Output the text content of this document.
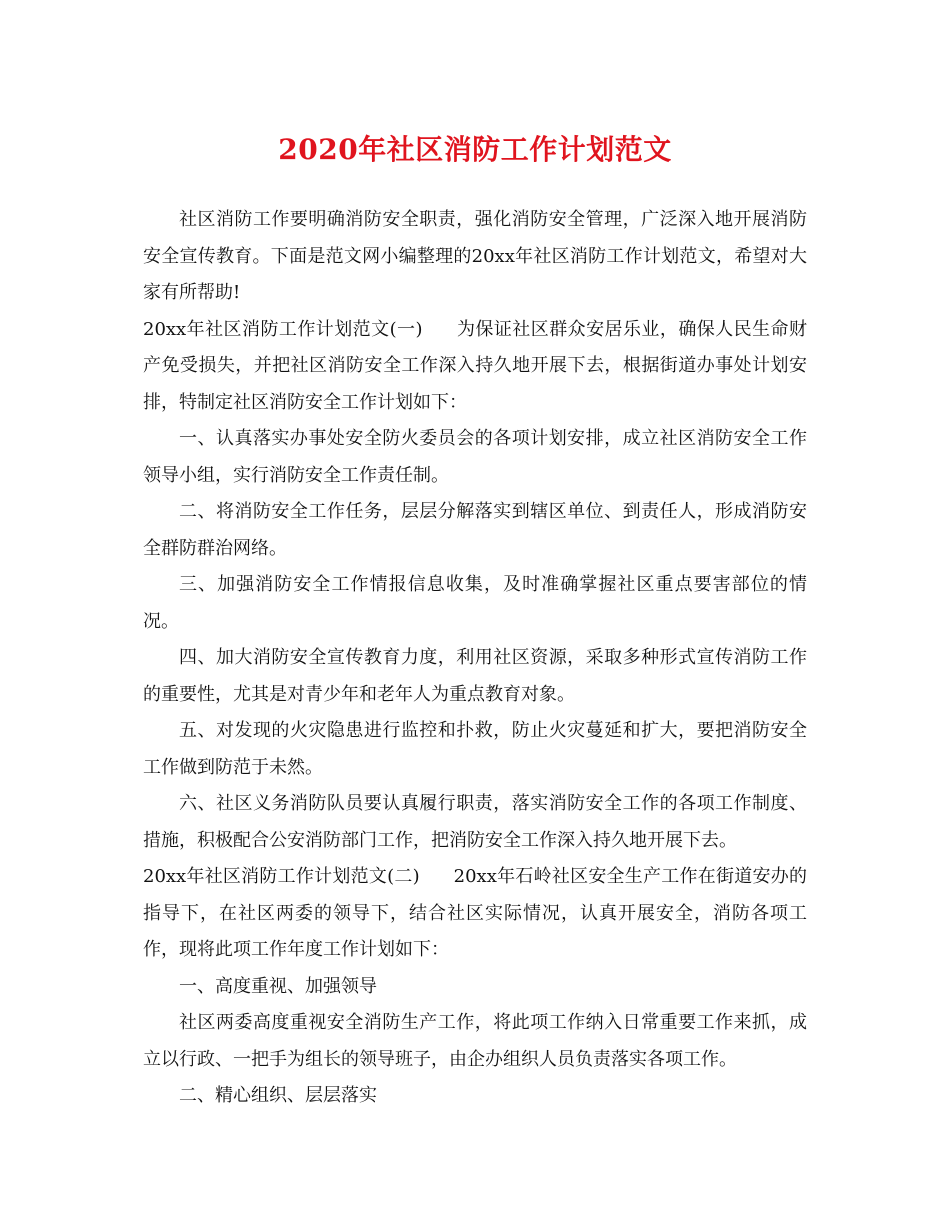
2020年社区消防工作计划范文

社区消防工作要明确消防安全职责，强化消防安全管理，广泛深入地开展消防安全宣传教育。下面是范文网小编整理的20xx年社区消防工作计划范文，希望对大家有所帮助!

20xx年社区消防工作计划范文(一) 为保证社区群众安居乐业，确保人民生命财产免受损失，并把社区消防安全工作深入持久地开展下去，根据街道办事处计划安排，特制定社区消防安全工作计划如下：

一、认真落实办事处安全防火委员会的各项计划安排，成立社区消防安全工作领导小组，实行消防安全工作责任制。

二、将消防安全工作任务，层层分解落实到辖区单位、到责任人，形成消防安全群防群治网络。

三、加强消防安全工作情报信息收集，及时准确掌握社区重点要害部位的情况。

四、加大消防安全宣传教育力度，利用社区资源，采取多种形式宣传消防工作的重要性，尤其是对青少年和老年人为重点教育对象。

五、对发现的火灾隐患进行监控和扑救，防止火灾蔓延和扩大，要把消防安全工作做到防范于未然。

六、社区义务消防队员要认真履行职责，落实消防安全工作的各项工作制度、措施，积极配合公安消防部门工作，把消防安全工作深入持久地开展下去。

20xx年社区消防工作计划范文(二) 20xx年石岭社区安全生产工作在街道安办的指导下，在社区两委的领导下，结合社区实际情况，认真开展安全，消防各项工作，现将此项工作年度工作计划如下：

一、高度重视、加强领导

社区两委高度重视安全消防生产工作，将此项工作纳入日常重要工作来抓，成立以行政、一把手为组长的领导班子，由企办组织人员负责落实各项工作。

二、精心组织、层层落实
